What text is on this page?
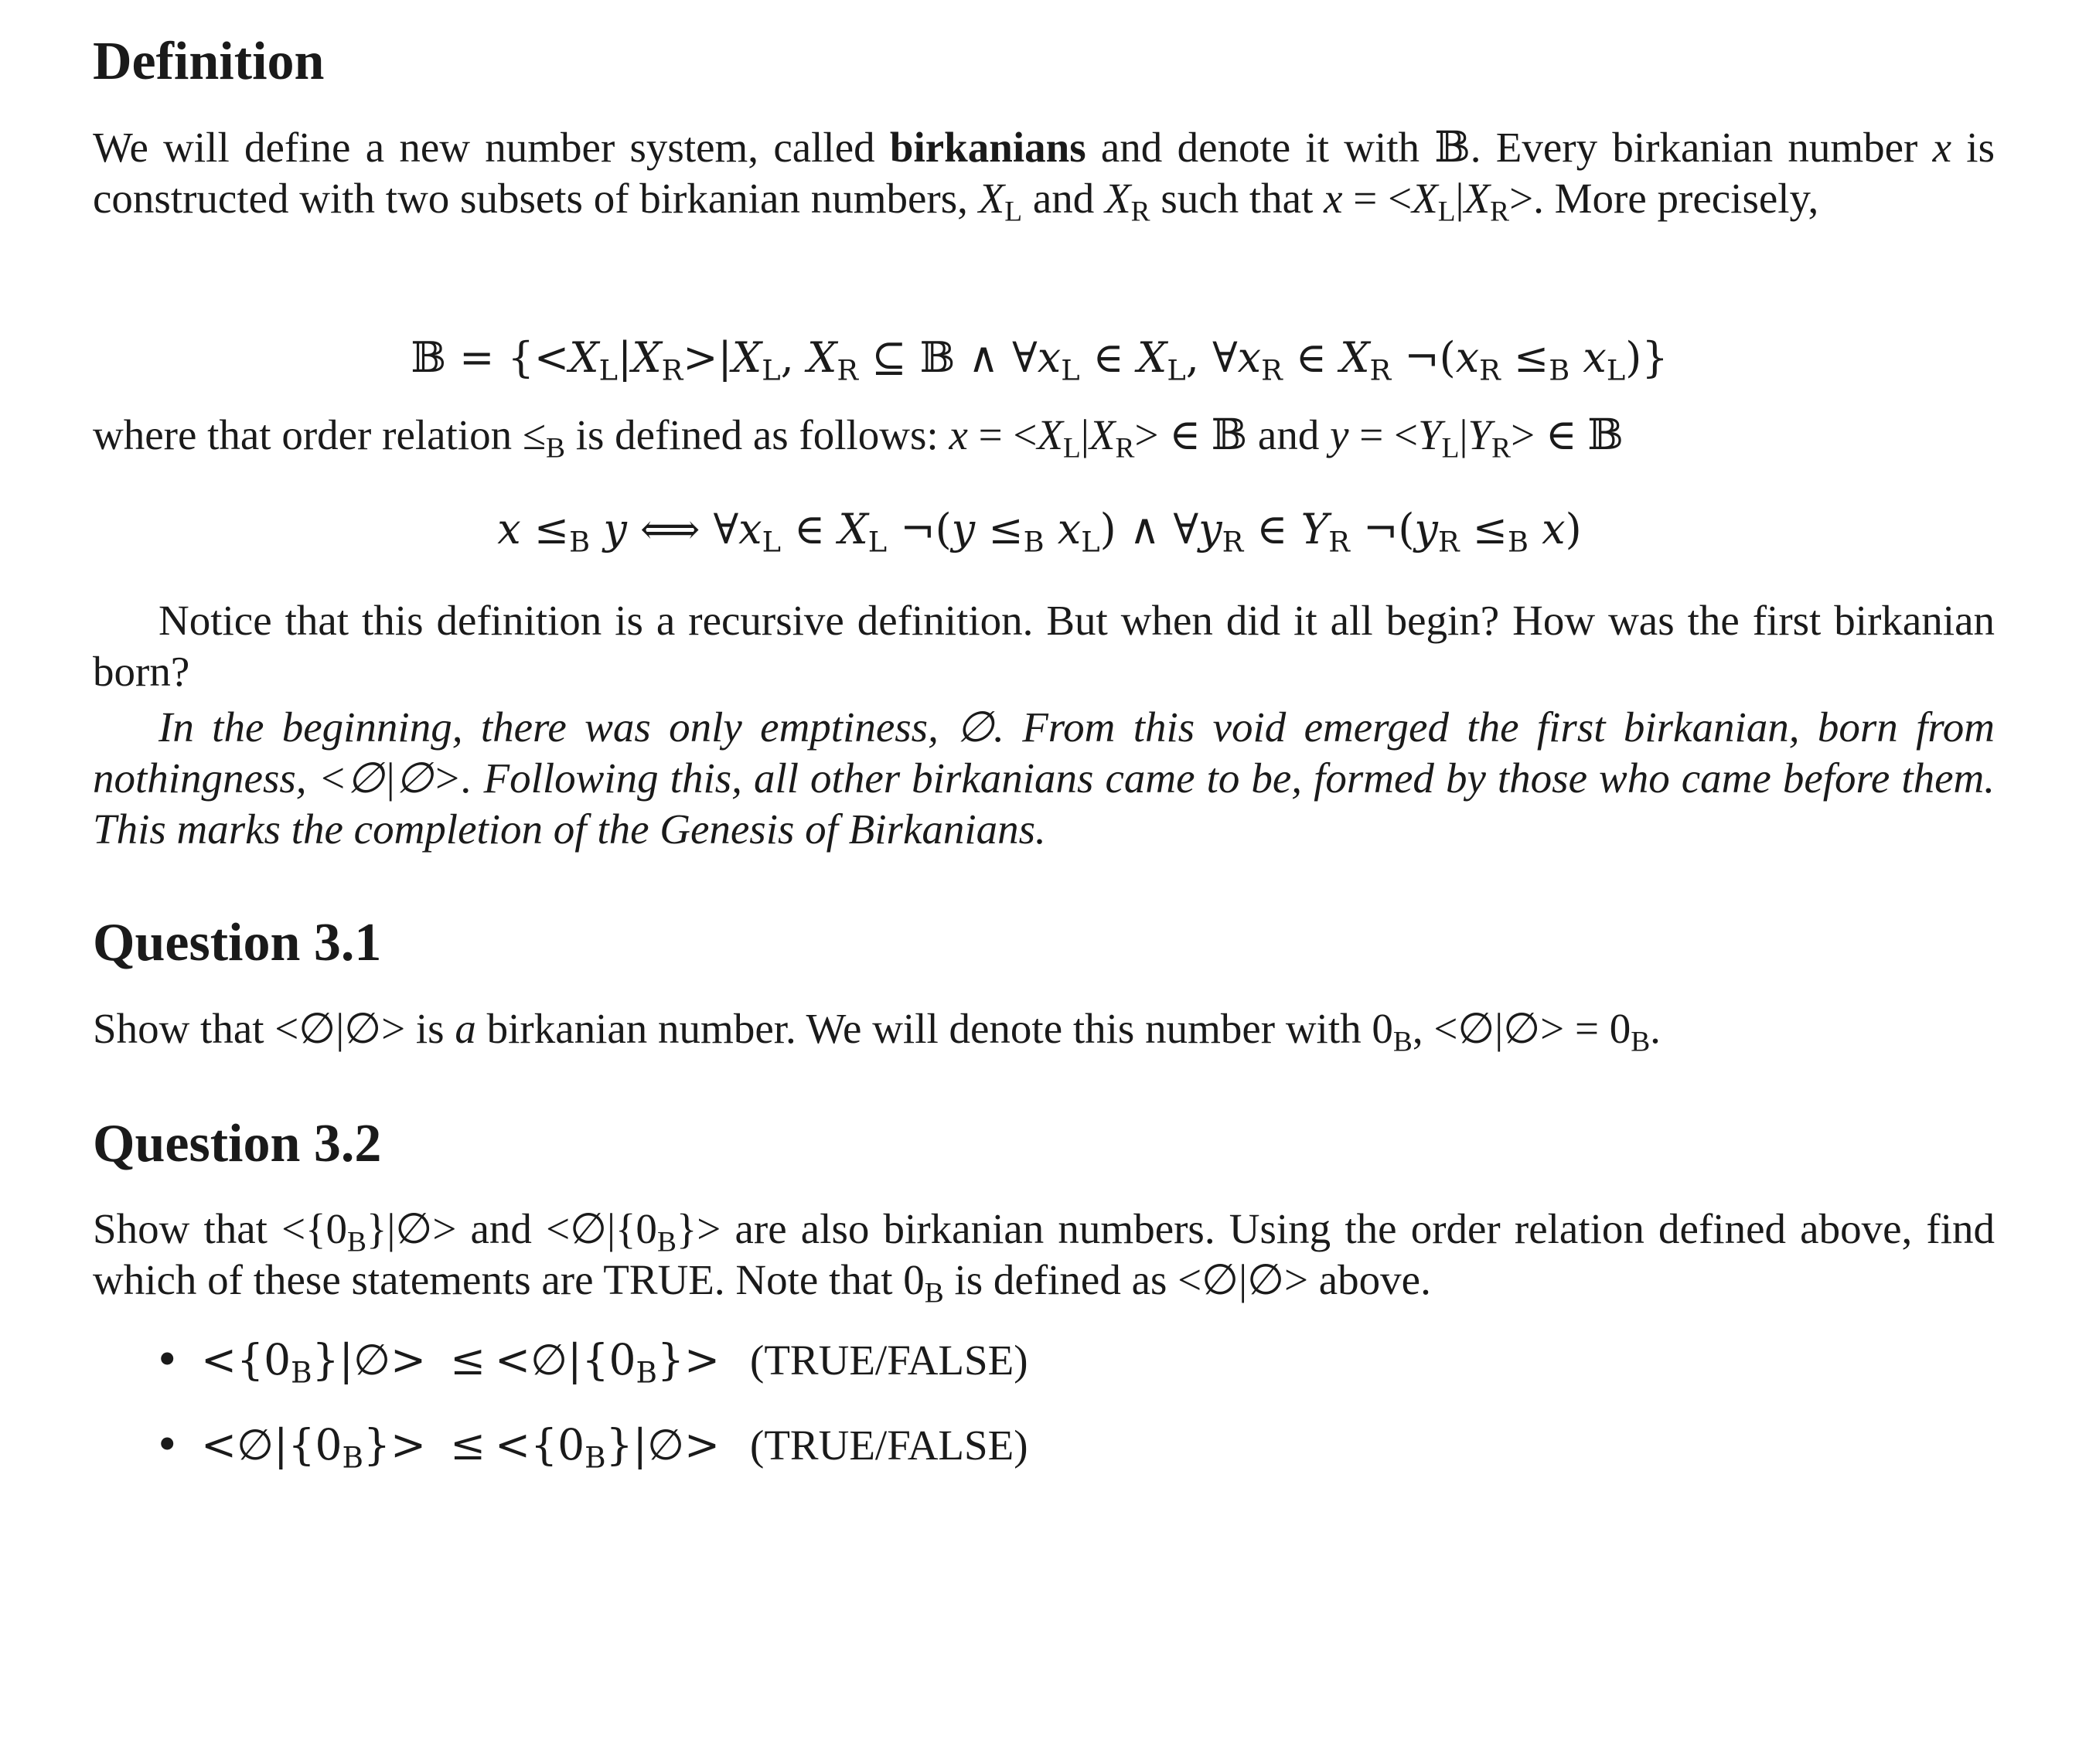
Definition

We will define a new number system, called birkanians and denote it with 𝔹. Every birkanian number x is constructed with two subsets of birkanian numbers, $X_L$ and $X_R$ such that $x = <X_L|X_R>$. More precisely,

𝔹 = {$<X_L|X_R>|X_L$, $X_R$ ⊆ 𝔹 ∧ $\forall x_L$ ∈ $X_L$, $\forall x_R$ ∈ $X_R$ $\neg(x_R \le_B$ $x_L$)}

where that order relation $\le_B$ is defined as follows: $x = <X_L|X_R>$ ∈ 𝔹 and $y = <Y_L|Y_R>$ ∈ 𝔹

$x \le_B$ y ⟺ $\forall x_L$ ∈ $X_L$ ¬(y $\le_B$ $x_L$) ∧ $\forall y_R$ ∈ $Y_R$ $\neg(y_R \le_B$ x)

Notice that this definition is a recursive definition. But when did it all begin? How was the first birkanian born?

In the beginning, there was only emptiness, ∅. From this void emerged the first birkanian, born from nothingness, <∅|∅>. Following this, all other birkanians came to be, formed by those who came before them. This marks the completion of the Genesis of Birkanians.

Question 3.1

Show that <∅|∅> is a birkanian number. We will denote this number with $0_B$, <∅|∅> = $0_B$.

Question 3.2

Show that $<\{0_B\}|\emptyset>$ and $<\emptyset|\{0_B\}>$ are also birkanian numbers. Using the order relation defined above, find which of these statements are TRUE. Note that $0_B$ is defined as <∅|∅> above.

• $<\{0_B\}|\emptyset>$ ≤ $<\emptyset|\{0_B\}>$ (TRUE/FALSE)
• $<\emptyset|\{0_B\}>$ ≤ $<\{0_B\}|\emptyset>$ (TRUE/FALSE)
